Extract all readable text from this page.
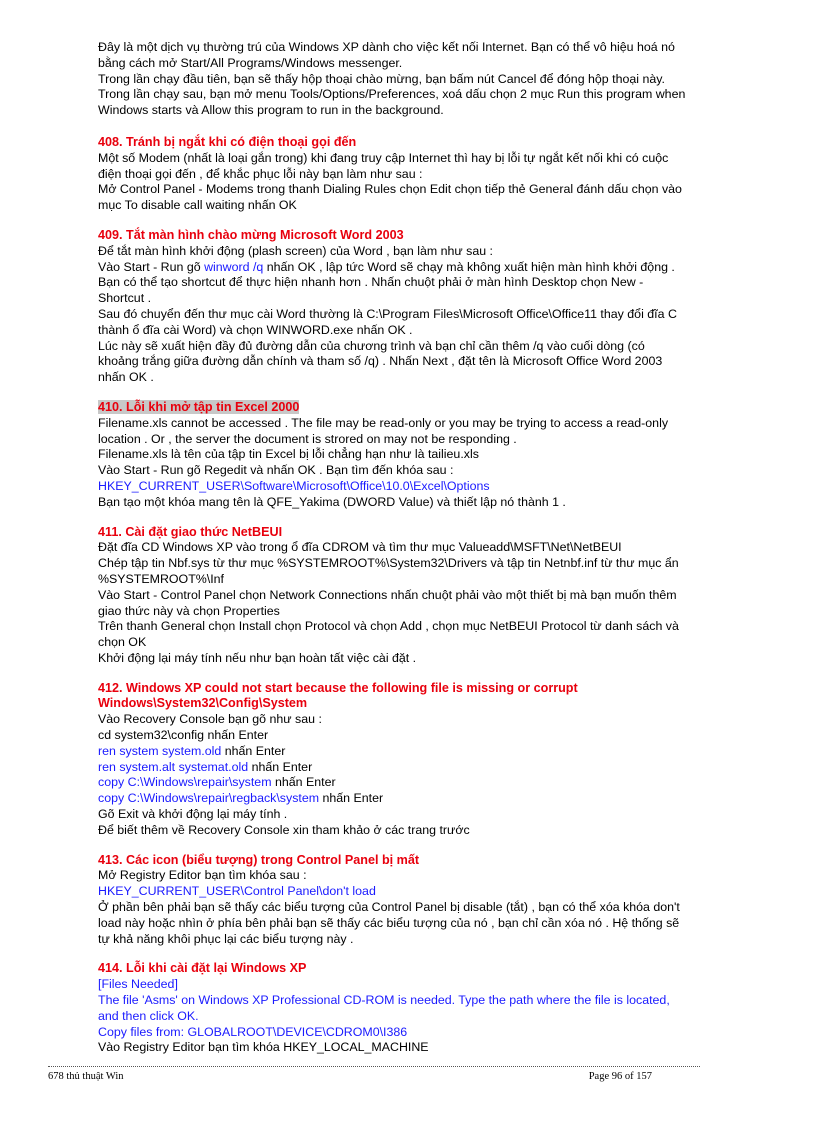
Đây là một dịch vụ thường trú của Windows XP dành cho việc kết nối Internet. Bạn có thể vô hiệu hoá nó bằng cách mở Start/All Programs/Windows messenger.

Trong lần chạy đầu tiên, bạn sẽ thấy hộp thoại chào mừng, bạn bấm nút Cancel để đóng hộp thoại này. Trong lần chạy sau, bạn mở menu Tools/Options/Preferences, xoá dấu chọn 2 mục Run this program when Windows starts và Allow this program to run in the background.

408. Tránh bị ngắt khi có điện thoại gọi đến

Một số Modem (nhất là loại gắn trong) khi đang truy cập Internet thì hay bị lỗi tự ngắt kết nối khi có cuộc điện thoại gọi đến , để khắc phục lỗi này bạn làm như sau :

Mở Control Panel - Modems trong thanh Dialing Rules chọn Edit chọn tiếp thẻ General đánh dấu chọn vào mục To disable call waiting nhấn OK

409. Tắt màn hình chào mừng Microsoft Word 2003

Để tắt màn hình khởi động (plash screen) của Word , bạn làm như sau :

Vào Start - Run gõ winword /q nhấn OK , lập tức Word sẽ chạy mà không xuất hiện màn hình khởi động . Bạn có thể tạo shortcut để thực hiện nhanh hơn . Nhấn chuột phải ở màn hình Desktop chọn New - Shortcut .

Sau đó chuyển đến thư mục cài Word thường là C:\Program Files\Microsoft Office\Office11 thay đổi đĩa C thành ổ đĩa cài Word) và chọn WINWORD.exe nhấn OK .

Lúc này sẽ xuất hiện đầy đủ đường dẫn của chương trình và bạn chỉ cần thêm /q vào cuối dòng (có khoảng trắng giữa đường dẫn chính và tham số /q) . Nhấn Next , đặt tên là Microsoft Office Word 2003 nhấn OK .

410. Lỗi khi mở tập tin Excel 2000

Filename.xls cannot be accessed . The file may be read-only or you may be trying to access a read-only location . Or , the server the document is strored on may not be responding .

Filename.xls là tên của tập tin Excel bị lỗi chẳng hạn như là tailieu.xls

Vào Start - Run gõ Regedit và nhấn OK . Bạn tìm đến khóa sau :

HKEY_CURRENT_USER\Software\Microsoft\Office\10.0\Excel\Options

Bạn tạo một khóa mang tên là QFE_Yakima (DWORD Value) và thiết lập nó thành 1 .

411. Cài đặt giao thức NetBEUI

Đặt đĩa CD Windows XP vào trong ổ đĩa CDROM và tìm thư mục Valueadd\MSFT\Net\NetBEUI

Chép tập tin Nbf.sys từ thư mục %SYSTEMROOT%\System32\Drivers và tập tin Netnbf.inf từ thư mục ẩn %SYSTEMROOT%\Inf

Vào Start - Control Panel chọn Network Connections nhấn chuột phải vào một thiết bị mà bạn muốn thêm giao thức này và chọn Properties

Trên thanh General chọn Install chọn Protocol và chọn Add , chọn mục NetBEUI Protocol từ danh sách và chọn OK

Khởi động lại máy tính nếu như bạn hoàn tất việc cài đặt .

412. Windows XP could not start because the following file is missing or corrupt Windows\System32\Config\System

Vào Recovery Console bạn gõ như sau :

cd system32\config nhấn Enter

ren system system.old nhấn Enter

ren system.alt systemat.old nhấn Enter

copy C:\Windows\repair\system nhấn Enter

copy C:\Windows\repair\regback\system nhấn Enter

Gõ Exit và khởi động lại máy tính .

Để biết thêm về Recovery Console xin tham khảo ở các trang trước

413. Các icon (biểu tượng) trong Control Panel bị mất

Mở Registry Editor bạn tìm khóa sau :

HKEY_CURRENT_USER\Control Panel\don't load

Ở phần bên phải bạn sẽ thấy các biểu tượng của Control Panel bị disable (tắt) , bạn có thể xóa khóa don't load này hoặc nhìn ở phía bên phải bạn sẽ thấy các biểu tượng của nó , bạn chỉ cần xóa nó . Hệ thống sẽ tự khả năng khôi phục lại các biểu tượng này .

414. Lỗi khi cài đặt lại Windows XP

[Files Needed]

The file 'Asms' on Windows XP Professional CD-ROM is needed. Type the path where the file is located, and then click OK.

Copy files from: GLOBALROOT\DEVICE\CDROM0\I386

Vào Registry Editor bạn tìm khóa HKEY_LOCAL_MACHINE

678 thủ thuật Win	Page 96 of 157
